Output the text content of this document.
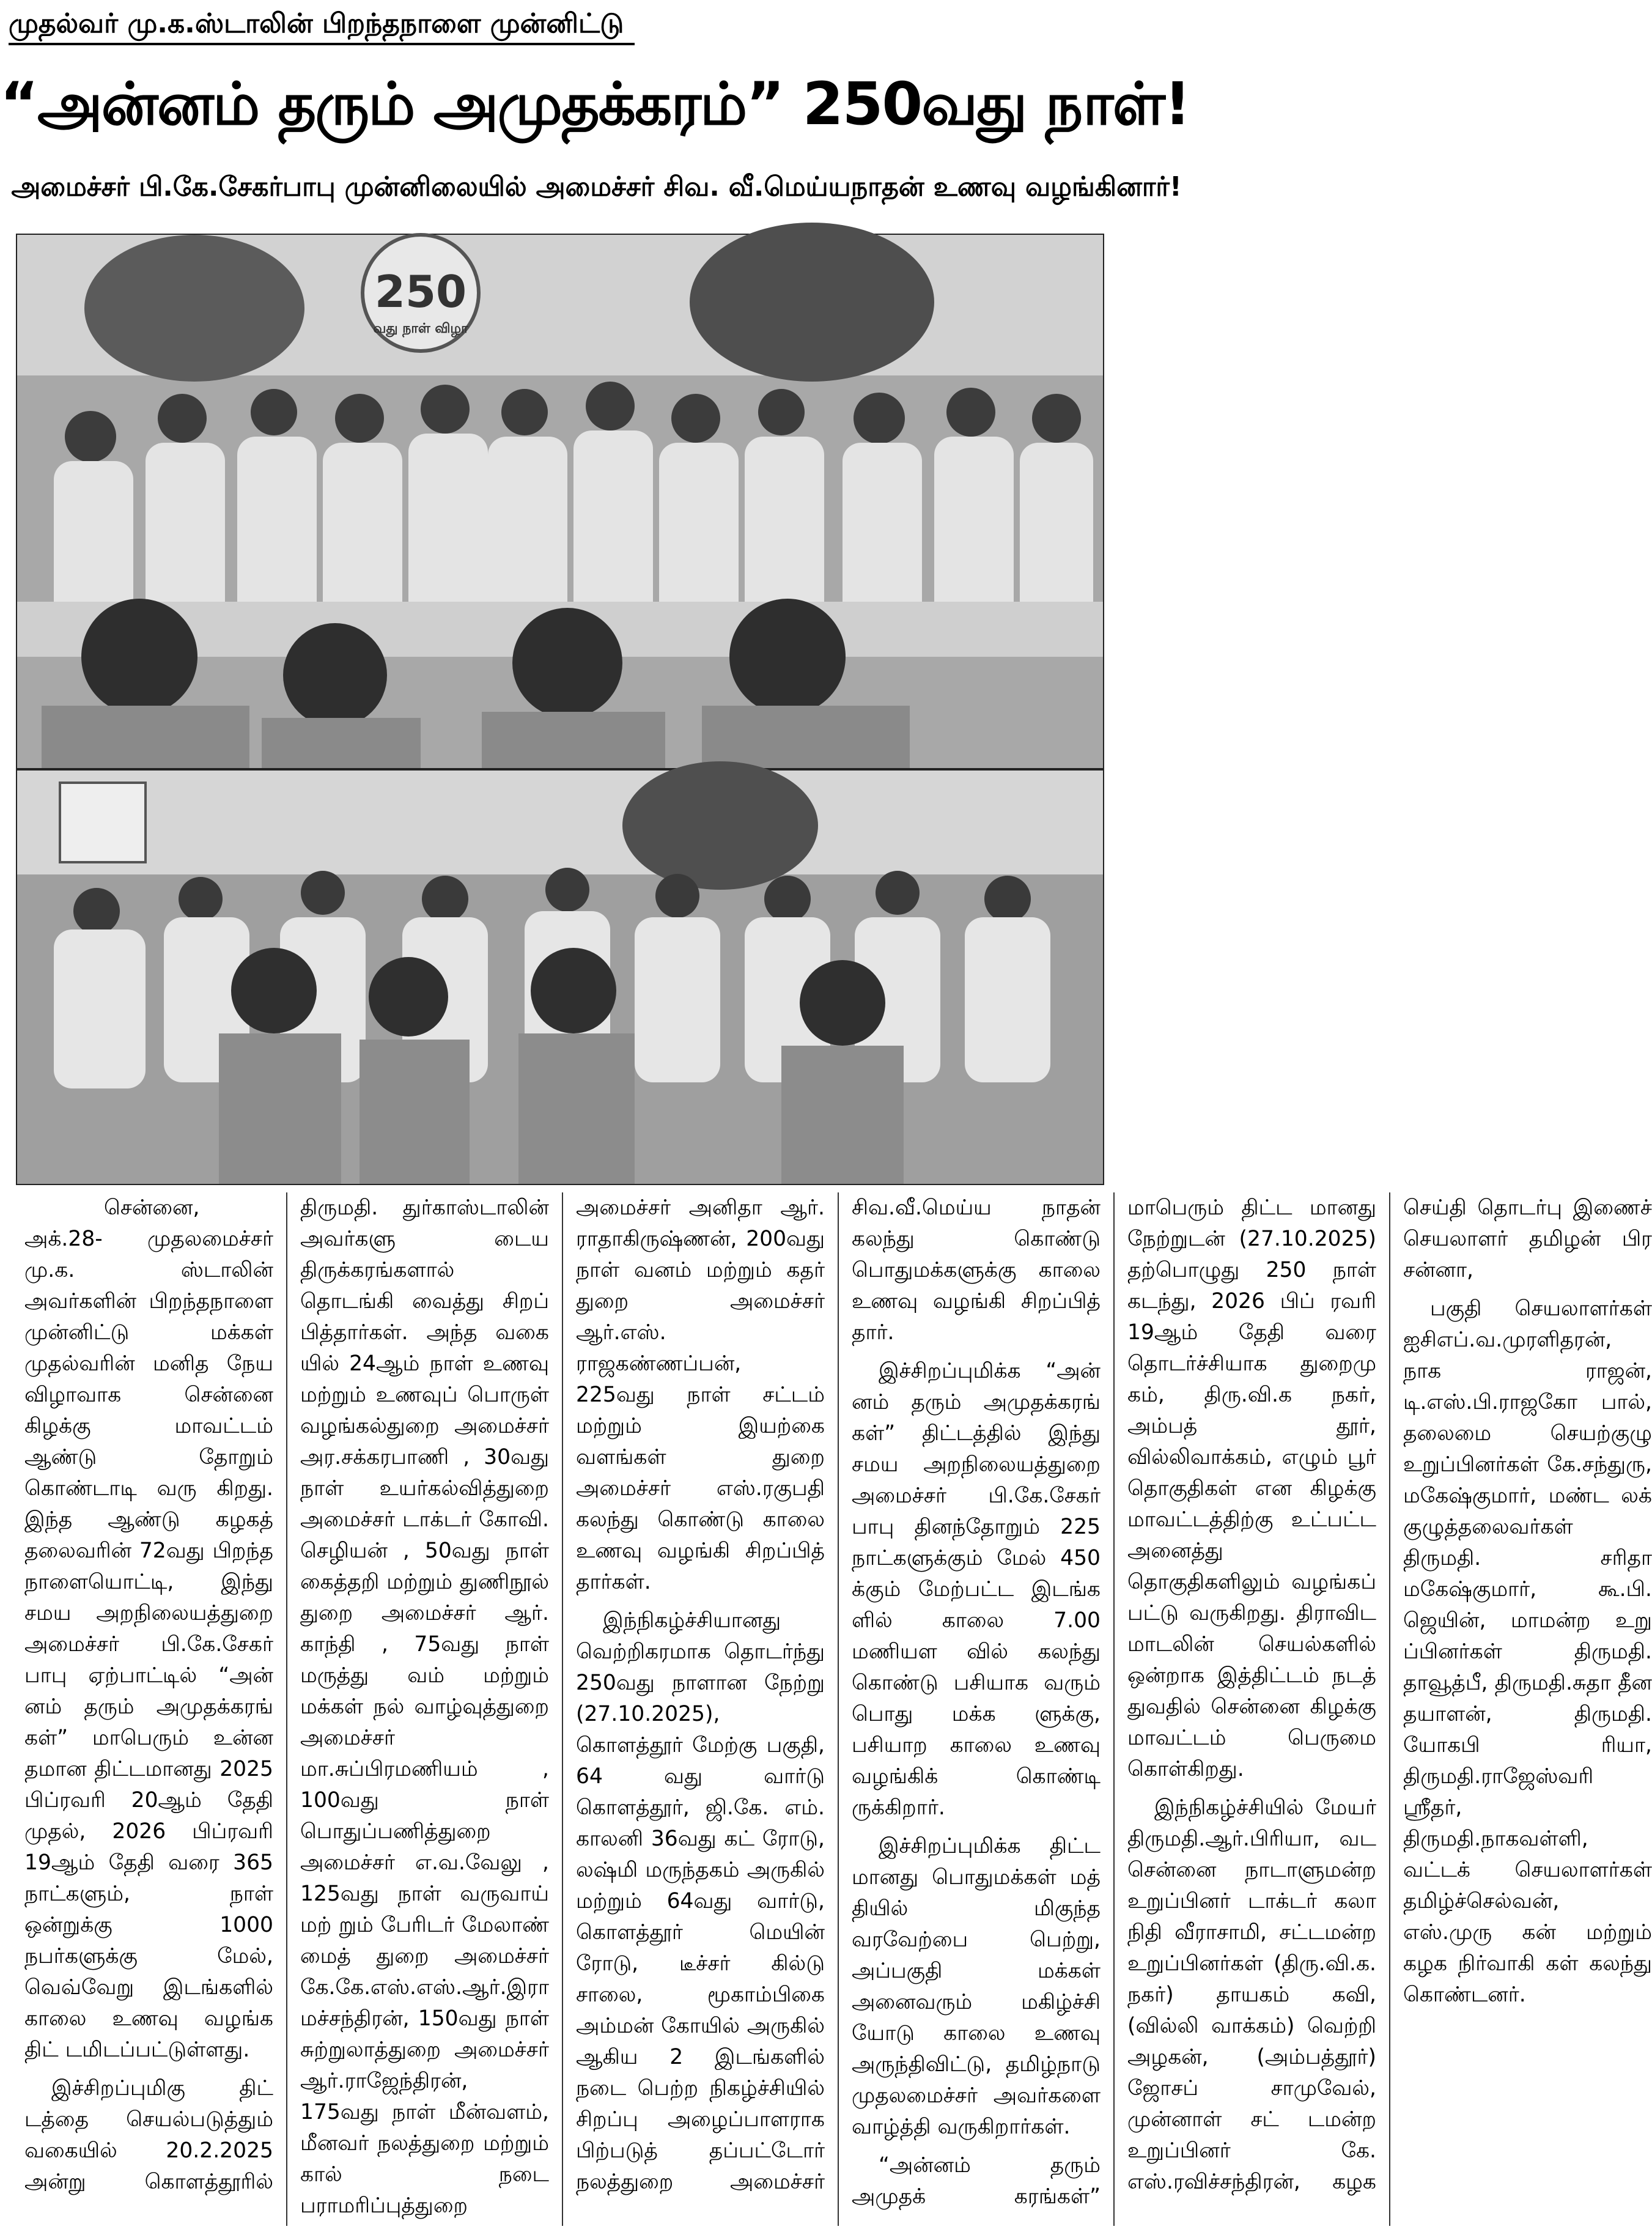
முதல்வர் மு.க.ஸ்டாலின் பிறந்தநாளை முன்னிட்டு
“அன்னம் தரும் அமுதக்கரம்” 250வது நாள்!
அமைச்சர் பி.கே.சேகர்பாபு முன்னிலையில் அமைச்சர் சிவ. வீ.மெய்யநாதன் உணவு வழங்கினார்!
250
வது நாள் விழா

சென்னை, அக்.28- முதலமைச்சர் மு.க. ஸ்டாலின் அவர்களின் பிறந்தநாளை முன்னிட்டு மக்கள் முதல்வரின் மனித நேய விழாவாக சென்னை கிழக்கு மாவட்டம் ஆண்டு தோறும் கொண்டாடி வரு கிறது. இந்த ஆண்டு கழகத் தலைவரின் 72வது பிறந்த நாளையொட்டி, இந்து சமய அறநிலையத்துறை அமைச்சர் பி.கே.சேகர் பாபு ஏற்பாட்டில் “அன் னம் தரும் அமுதக்கரங் கள்” மாபெரும் உன்ன தமான திட்டமானது 2025 பிப்ரவரி 20ஆம் தேதி முதல், 2026 பிப்ரவரி 19ஆம் தேதி வரை 365 நாட்களும், நாள் ஒன்றுக்கு 1000 நபர்களுக்கு மேல், வெவ்வேறு இடங்களில் காலை உணவு வழங்க திட் டமிடப்பட்டுள்ளது.

இச்சிறப்புமிகு திட் டத்தை செயல்படுத்தும் வகையில் 20.2.2025 அன்று கொளத்தூரில் திருமதி. துர்காஸ்டாலின் அவர்களு டைய திருக்கரங்களால் தொடங்கி வைத்து சிறப் பித்தார்கள். அந்த வகை யில் 24ஆம் நாள் உணவு மற்றும் உணவுப் பொருள் வழங்கல்துறை அமைச்சர் அர.சக்கரபாணி , 30வது நாள் உயர்கல்வித்துறை அமைச்சர் டாக்டர் கோவி. செழியன் , 50வது நாள் கைத்தறி மற்றும் துணிநூல் துறை அமைச்சர் ஆர். காந்தி , 75வது நாள் மருத்து வம் மற்றும் மக்கள் நல் வாழ்வுத்துறை அமைச்சர் மா.சுப்பிரமணியம் , 100வது நாள் பொதுப்பணித்துறை அமைச்சர் எ.வ.வேலு , 125வது நாள் வருவாய் மற் றும் பேரிடர் மேலாண் மைத் துறை அமைச்சர் கே.கே.எஸ்.எஸ்.ஆர்.இரா மச்சந்திரன், 150வது நாள் சுற்றுலாத்துறை அமைச்சர் ஆர்.ராஜேந்திரன், 175வது நாள் மீன்வளம், மீனவர் நலத்துறை மற்றும் கால் நடை பராமரிப்புத்துறை அமைச்சர் அனிதா ஆர். ராதாகிருஷ்ணன், 200வது நாள் வனம் மற்றும் கதர் துறை அமைச்சர் ஆர்.எஸ். ராஜகண்ணப்பன், 225வது நாள் சட்டம் மற்றும் இயற்கை வளங்கள் துறை அமைச்சர் எஸ்.ரகுபதி கலந்து கொண்டு காலை உணவு வழங்கி சிறப்பித் தார்கள்.

இந்நிகழ்ச்சியானது வெற்றிகரமாக தொடர்ந்து 250வது நாளான நேற்று (27.10.2025), கொளத்தூர் மேற்கு பகுதி, 64 வது வார்டு கொளத்தூர், ஜி.கே. எம். காலனி 36வது கட் ரோடு, லஷ்மி மருந்தகம் அருகில் மற்றும் 64வது வார்டு, கொளத்தூர் மெயின் ரோடு, டீச்சர் கில்டு சாலை, மூகாம்பிகை அம்மன் கோயில் அருகில் ஆகிய 2 இடங்களில் நடை பெற்ற நிகழ்ச்சியில் சிறப்பு அழைப்பாளராக பிற்படுத் தப்பட்டோர் நலத்துறை அமைச்சர் சிவ.வீ.மெய்ய நாதன் கலந்து கொண்டு பொதுமக்களுக்கு காலை உணவு வழங்கி சிறப்பித் தார்.

இச்சிறப்புமிக்க “அன் னம் தரும் அமுதக்கரங் கள்” திட்டத்தில் இந்து சமய அறநிலையத்துறை அமைச்சர் பி.கே.சேகர் பாபு தினந்தோறும் 225 நாட்களுக்கும் மேல் 450 க்கும் மேற்பட்ட இடங்க ளில் காலை 7.00 மணியள வில் கலந்து கொண்டு பசியாக வரும் பொது மக்க ளுக்கு, பசியாற காலை உணவு வழங்கிக் கொண்டி ருக்கிறார்.

இச்சிறப்புமிக்க திட்ட மானது பொதுமக்கள் மத் தியில் மிகுந்த வரவேற்பை பெற்று, அப்பகுதி மக்கள் அனைவரும் மகிழ்ச்சி யோடு காலை உணவு அருந்திவிட்டு, தமிழ்நாடு முதலமைச்சர் அவர்களை வாழ்த்தி வருகிறார்கள்.

“அன்னம் தரும் அமுதக் கரங்கள்” மாபெரும் திட்ட மானது நேற்றுடன் (27.10.2025) தற்பொழுது 250 நாள் கடந்து, 2026 பிப் ரவரி 19ஆம் தேதி வரை தொடர்ச்சியாக துறைமு கம், திரு.வி.க நகர், அம்பத் தூர், வில்லிவாக்கம், எழும் பூர் தொகுதிகள் என கிழக்கு மாவட்டத்திற்கு உட்பட்ட அனைத்து தொகுதிகளிலும் வழங்கப் பட்டு வருகிறது. திராவிட மாடலின் செயல்களில் ஒன்றாக இத்திட்டம் நடத் துவதில் சென்னை கிழக்கு மாவட்டம் பெருமை கொள்கிறது.

இந்நிகழ்ச்சியில் மேயர் திருமதி.ஆர்.பிரியா, வட சென்னை நாடாளுமன்ற உறுப்பினர் டாக்டர் கலா நிதி வீராசாமி, சட்டமன்ற உறுப்பினர்கள் (திரு.வி.க. நகர்) தாயகம் கவி, (வில்லி வாக்கம்) வெற்றி அழகன், (அம்பத்தூர்) ஜோசப் சாமுவேல், முன்னாள் சட் டமன்ற உறுப்பினர் கே. எஸ்.ரவிச்சந்திரன், கழக செய்தி தொடர்பு இணைச் செயலாளர் தமிழன் பிர சன்னா,

பகுதி செயலாளர்கள் ஐசிஎப்.வ.முரளிதரன், நாக ராஜன், டி.எஸ்.பி.ராஜகோ பால், தலைமை செயற்குழு உறுப்பினர்கள் கே.சந்துரு, மகேஷ்குமார், மண்ட லக் குழுத்தலைவர்கள் திருமதி. சரிதா மகேஷ்குமார், கூ.பி. ஜெயின், மாமன்ற உறு ப்பினர்கள் திருமதி. தாவூத்பீ, திருமதி.சுதா தீன தயாளன், திருமதி. யோகபி ரியா, திருமதி.ராஜேஸ்வரி ஸ்ரீதர், திருமதி.நாகவள்ளி, வட்டக் செயலாளர்கள் தமிழ்ச்செல்வன், எஸ்.முரு கன் மற்றும் கழக நிர்வாகி கள் கலந்து கொண்டனர்.
